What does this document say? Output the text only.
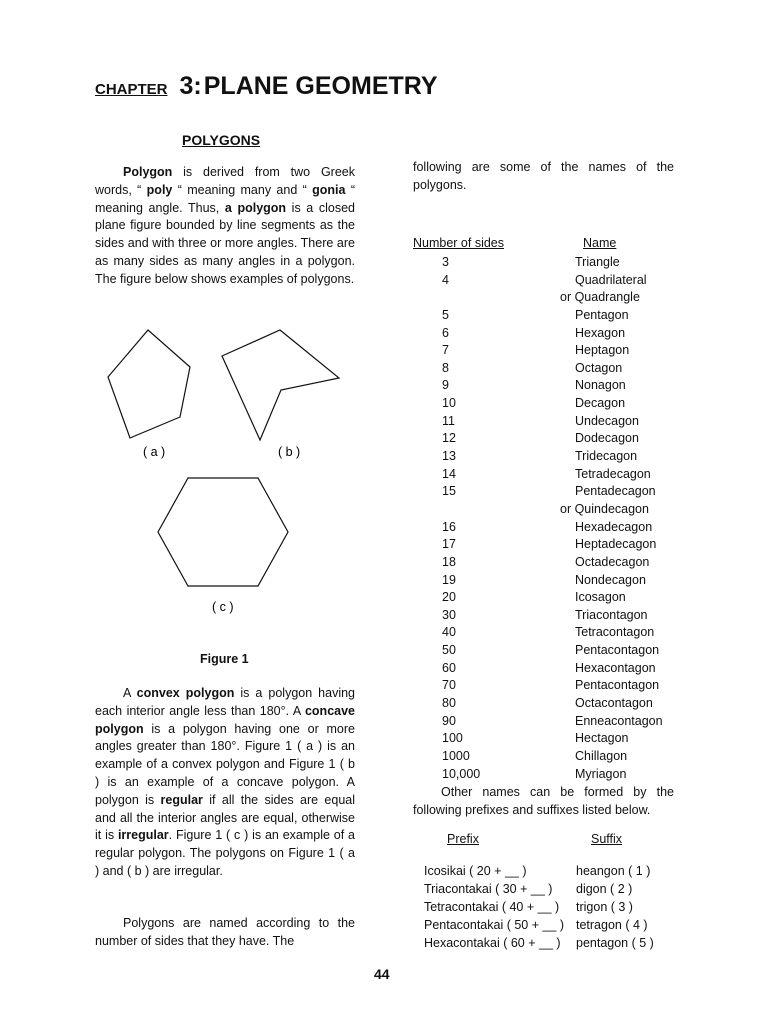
CHAPTER 3:PLANE GEOMETRY
POLYGONS
Polygon is derived from two Greek words, “ poly “ meaning many and “ gonia “ meaning angle. Thus, a polygon is a closed plane figure bounded by line segments as the sides and with three or more angles. There are as many sides as many angles in a polygon. The figure below shows examples of polygons.
( a )	( b )
( c )
Figure 1
A convex polygon is a polygon having each interior angle less than 180°. A concave polygon is a polygon having one or more angles greater than 180°. Figure 1 ( a ) is an example of a convex polygon and Figure 1 ( b ) is an example of a concave polygon. A polygon is regular if all the sides are equal and all the interior angles are equal, otherwise it is irregular. Figure 1 ( c ) is an example of a regular polygon. The polygons on Figure 1 ( a ) and ( b ) are irregular.
Polygons are named according to the number of sides that they have. The
following are some of the names of the polygons.
Number of sides	Name
3	Triangle
4	Quadrilateral
or Quadrangle
5	Pentagon
6	Hexagon
7	Heptagon
8	Octagon
9	Nonagon
10	Decagon
11	Undecagon
12	Dodecagon
13	Tridecagon
14	Tetradecagon
15	Pentadecagon
or Quindecagon
16	Hexadecagon
17	Heptadecagon
18	Octadecagon
19	Nondecagon
20	Icosagon
30	Triacontagon
40	Tetracontagon
50	Pentacontagon
60	Hexacontagon
70	Pentacontagon
80	Octacontagon
90	Enneacontagon
100	Hectagon
1000	Chillagon
10,000	Myriagon
Other names can be formed by the following prefixes and suffixes listed below.
Prefix	Suffix
Icosikai ( 20 + __ )	heangon ( 1 )
Triacontakai ( 30 + __ ) digon ( 2 )
Tetracontakai ( 40 + __ ) trigon ( 3 )
Pentacontakai ( 50 + __ ) tetragon ( 4 )
Hexacontakai ( 60 + __ ) pentagon ( 5 )
44
